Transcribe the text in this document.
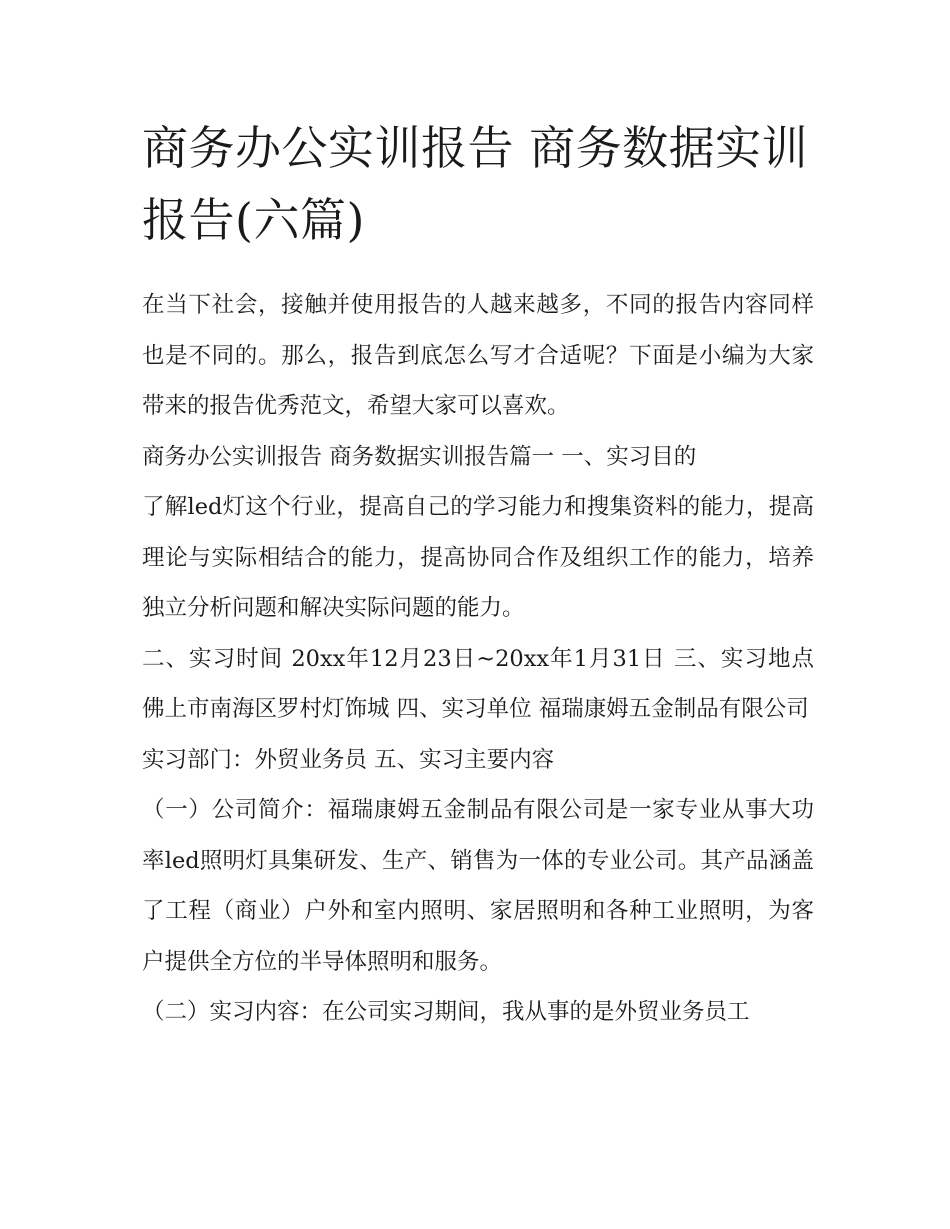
商务办公实训报告 商务数据实训报告(六篇)

在当下社会，接触并使用报告的人越来越多，不同的报告内容同样也是不同的。那么，报告到底怎么写才合适呢？下面是小编为大家带来的报告优秀范文，希望大家可以喜欢。

商务办公实训报告 商务数据实训报告篇一 一、实习目的

了解led灯这个行业，提高自己的学习能力和搜集资料的能力，提高理论与实际相结合的能力，提高协同合作及组织工作的能力，培养独立分析问题和解决实际问题的能力。

二、实习时间 20xx年12月23日~20xx年1月31日 三、实习地点 佛上市南海区罗村灯饰城 四、实习单位 福瑞康姆五金制品有限公司

实习部门：外贸业务员 五、实习主要内容

（一）公司简介：福瑞康姆五金制品有限公司是一家专业从事大功率led照明灯具集研发、生产、销售为一体的专业公司。其产品涵盖了工程（商业）户外和室内照明、家居照明和各种工业照明，为客户提供全方位的半导体照明和服务。

（二）实习内容：在公司实习期间，我从事的是外贸业务员工
